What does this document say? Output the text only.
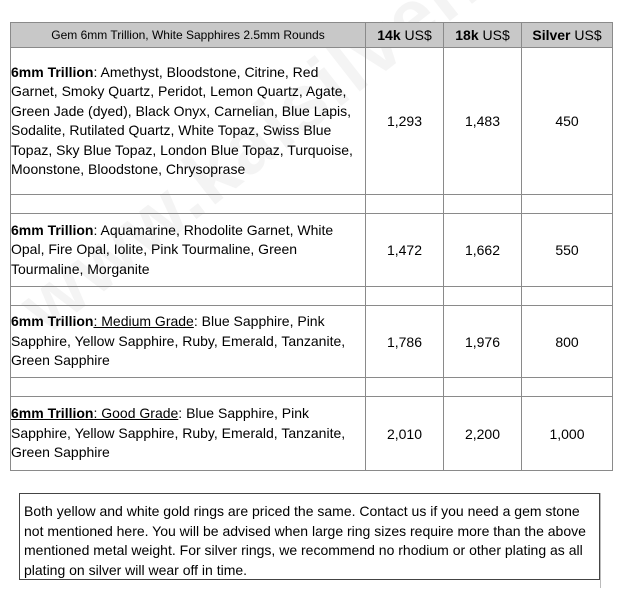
Gem 6mm Trillion, White Sapphires 2.5mm Rounds	14k US$	18k US$	Silver US$
6mm Trillion: Amethyst, Bloodstone, Citrine, Red Garnet, Smoky Quartz, Peridot, Lemon Quartz, Agate, Green Jade (dyed), Black Onyx, Carnelian, Blue Lapis, Sodalite, Rutilated Quartz, White Topaz, Swiss Blue Topaz, Sky Blue Topaz, London Blue Topaz, Turquoise, Moonstone, Bloodstone, Chrysoprase	1,293	1,483	450

6mm Trillion: Aquamarine, Rhodolite Garnet, White Opal, Fire Opal, Iolite, Pink Tourmaline, Green Tourmaline, Morganite	1,472	1,662	550

6mm Trillion: Medium Grade: Blue Sapphire, Pink Sapphire, Yellow Sapphire, Ruby, Emerald, Tanzanite, Green Sapphire	1,786	1,976	800

6mm Trillion: Good Grade: Blue Sapphire, Pink Sapphire, Yellow Sapphire, Ruby, Emerald, Tanzanite, Green Sapphire	2,010	2,200	1,000
Both yellow and white gold rings are priced the same. Contact us if you need a gem stone not mentioned here. You will be advised when large ring sizes require more than the above mentioned metal weight. For silver rings, we recommend no rhodium or other plating as all plating on silver will wear off in time.
